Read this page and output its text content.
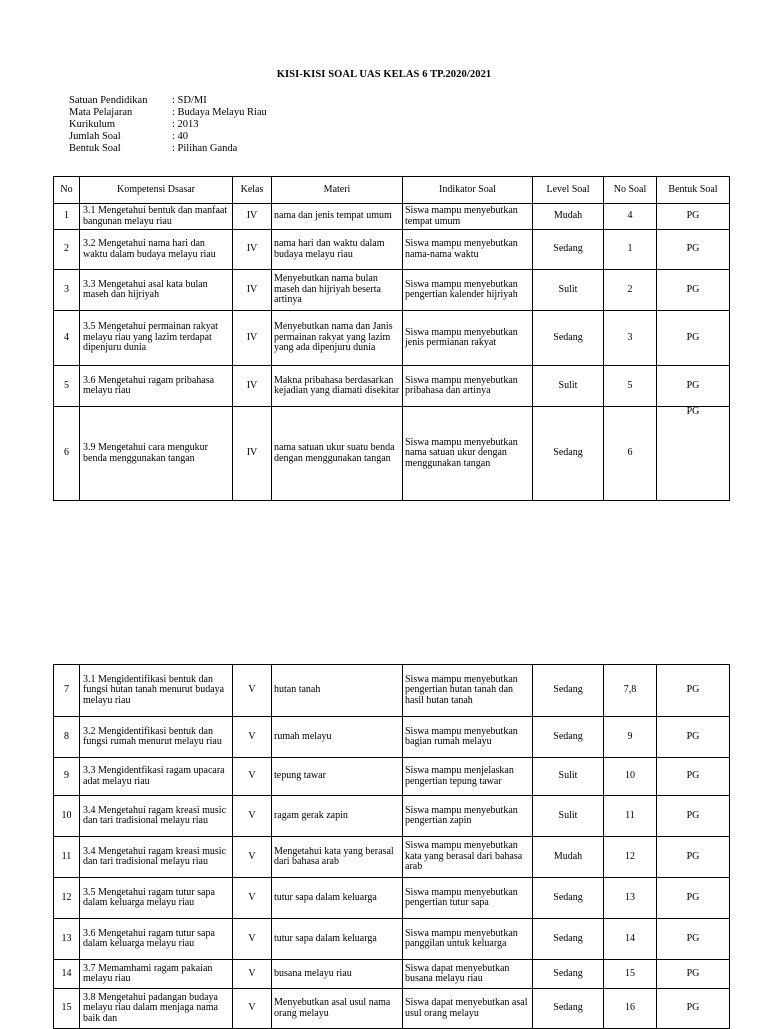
KISI-KISI SOAL UAS KELAS 6 TP.2020/2021
Satuan Pendidikan	: SD/MI
Mata Pelajaran	: Budaya Melayu Riau
Kurikulum	: 2013
Jumlah Soal	: 40
Bentuk Soal	: Pilihan Ganda
No	Kompetensi Dsasar	Kelas	Materi	Indikator Soal	Level Soal	No Soal	Bentuk Soal
1	3.1 Mengetahui bentuk dan manfaat bangunan melayu riau	IV	nama dan jenis tempat umum	Siswa mampu menyebutkan tempat umum	Mudah	4	PG
2	3.2 Mengetahui nama hari dan waktu dalam budaya melayu riau	IV	nama hari dan waktu dalam budaya melayu riau	Siswa mampu menyebutkan nama-nama waktu	Sedang	1	PG
3	3.3 Mengetahui asal kata bulan maseh dan hijriyah	IV	Menyebutkan nama bulan maseh dan hijriyah beserta artinya	Siswa mampu menyebutkan pengertian kalender hijriyah	Sulit	2	PG
4	3.5 Mengetahui permainan rakyat melayu riau yang lazim terdapat dipenjuru dunia	IV	Menyebutkan nama dan Janis permainan rakyat yang lazim yang ada dipenjuru dunia	Siswa mampu menyebutkan jenis permianan rakyat	Sedang	3	PG
5	3.6 Mengetahui ragam pribahasa melayu riau	IV	Makna pribahasa berdasarkan kejadian yang diamati disekitar	Siswa mampu menyebutkan pribahasa dan artinya	Sulit	5	PG
6	3.9 Mengetahui cara mengukur benda menggunakan tangan	IV	nama satuan ukur suatu benda dengan menggunakan tangan	Siswa mampu menyebutkan nama satuan ukur dengan menggunakan tangan	Sedang	6	PG
7	3.1 Mengidentifikasi bentuk dan fungsi hutan tanah menurut budaya melayu riau	V	hutan tanah	Siswa mampu menyebutkan pengertian hutan tanah dan hasil hutan tanah	Sedang	7,8	PG
8	3.2 Mengidentifikasi bentuk dan fungsi rumah menurut melayu riau	V	rumah melayu	Siswa mampu menyebutkan bagian rumah melayu	Sedang	9	PG
9	3.3 Mengidentfikasi ragam upacara adat melayu riau	V	tepung tawar	Siswa mampu menjelaskan pengertian tepung tawar	Sulit	10	PG
10	3.4 Mengetahui ragam kreasi music dan tari tradisional melayu riau	V	ragam gerak zapin	Siswa mampu menyebutkan pengertian zapin	Sulit	11	PG
11	3.4 Mengetahui ragam kreasi music dan tari tradisional melayu riau	V	Mengetahui kata yang berasal dari bahasa arab	Siswa mampu menyebutkan kata yang berasal dari bahasa arab	Mudah	12	PG
12	3.5 Mengetahui ragam tutur sapa dalam keluarga melayu riau	V	tutur sapa dalam keluarga	Siswa mampu menyebutkan pengertian tutur sapa	Sedang	13	PG
13	3.6 Mengetahui ragam tutur sapa dalam keluarga melayu riau	V	tutur sapa dalam keluarga	Siswa mampu menyebutkan panggilan untuk keluarga	Sedang	14	PG
14	3.7 Memamhami ragam pakaian melayu riau	V	busana melayu riau	Siswa dapat menyebutkan busana melayu riau	Sedang	15	PG
15	3.8 Mengetahui padangan budaya melayu riau dalam menjaga nama baik dan	V	Menyebutkan asal usul nama orang melayu	Siswa dapat menyebutkan asal usul orang melayu	Sedang	16	PG
